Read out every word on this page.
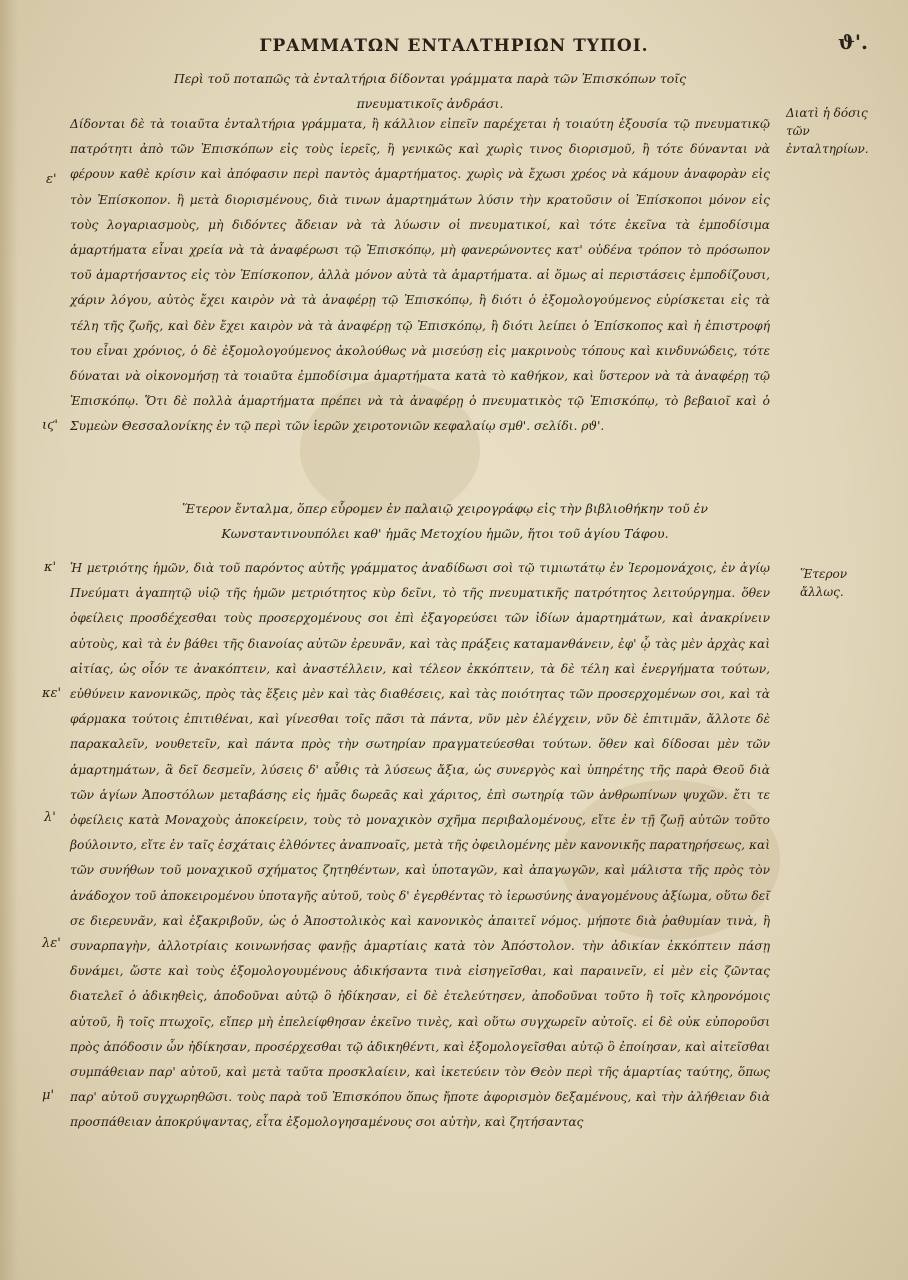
ϑ'.
ΓΡΑΜΜΑΤΩΝ ΕΝΤΑΛΤΗΡΙΩΝ ΤΥΠΟΙ.
Περὶ τοῦ ποταπῶς τὰ ἐνταλτήρια δίδονται γράμματα παρὰ τῶν Ἐπισκόπων τοῖς πνευματικοῖς ἀνδράσι.
Διατὶ ἡ δόσις τῶν ἐνταλτηρίων.
Δίδονται δὲ τὰ τοιαῦτα ἐνταλτήρια γράμματα, ἢ κάλλιον εἰπεῖν παρέχεται ἡ τοιαύτη ἐξουσία τῷ πνευματικῷ πατρότητι ἀπὸ τῶν Ἐπισκόπων εἰς τοὺς ἱερεῖς, ἢ γενικῶς καὶ χωρὶς τινος διορισμοῦ, ἢ τότε δύνανται νὰ φέρουν καθὲ κρίσιν καὶ ἀπόφασιν περὶ παντὸς ἁμαρτήματος. χωρὶς νὰ ἔχωσι χρέος νὰ κάμουν ἀναφορὰν εἰς τὸν Ἐπίσκοπον. ἢ μετὰ διορισμένους, διὰ τινων ἁμαρτημάτων λύσιν τὴν κρατοῦσιν οἱ Ἐπίσκοποι μόνον εἰς τοὺς λογαριασμοὺς, μὴ διδόντες ἄδειαν νὰ τὰ λύωσιν οἱ πνευματικοί, καὶ τότε ἐκεῖνα τὰ ἐμποδίσιμα ἁμαρτήματα εἶναι χρεία νὰ τὰ ἀναφέρωσι τῷ Ἐπισκόπῳ, μὴ φανερώνοντες κατ' οὐδένα τρόπον τὸ πρόσωπον τοῦ ἁμαρτήσαντος εἰς τὸν Ἐπίσκοπον, ἀλλὰ μόνον αὐτὰ τὰ ἁμαρτήματα. αἱ ὅμως αἱ περιστάσεις ἐμποδίζουσι, χάριν λόγου, αὐτὸς ἔχει καιρὸν νὰ τὰ ἀναφέρῃ τῷ Ἐπισκόπῳ, ἢ διότι ὁ ἐξομολογούμενος εὑρίσκεται εἰς τὰ τέλη τῆς ζωῆς, καὶ δὲν ἔχει καιρὸν νὰ τὰ ἀναφέρῃ τῷ Ἐπισκόπῳ, ἢ διότι λείπει ὁ Ἐπίσκοπος καὶ ἡ ἐπιστροφή του εἶναι χρόνιος, ὁ δὲ ἐξομολογούμενος ἀκολούθως νὰ μισεύσῃ εἰς μακρινοὺς τόπους καὶ κινδυνώδεις, τότε δύναται νὰ οἰκονομήσῃ τὰ τοιαῦτα ἐμποδίσιμα ἁμαρτήματα κατὰ τὸ καθήκον, καὶ ὕστερον νὰ τὰ ἀναφέρῃ τῷ Ἐπισκόπῳ. Ὅτι δὲ πολλὰ ἁμαρτήματα πρέπει νὰ τὰ ἀναφέρῃ ὁ πνευματικὸς τῷ Ἐπισκόπῳ, τὸ βεβαιοῖ καὶ ὁ Συμεὼν Θεσσαλονίκης ἐν τῷ περὶ τῶν ἱερῶν χειροτονιῶν κεφαλαίῳ σμθ'. σελίδι. ρϑ'.
Ἕτερον ἔνταλμα, ὅπερ εὗρομεν ἐν παλαιῷ χειρογράφῳ εἰς τὴν βιβλιοθήκην τοῦ ἐν Κωνσταντινουπόλει καθ' ἡμᾶς Μετοχίου ἡμῶν, ἤτοι τοῦ ἁγίου Τάφου.
Ἕτερον ἄλλως.
Ἡ μετριότης ἡμῶν, διὰ τοῦ παρόντος αὐτῆς γράμματος ἀναδίδωσι σοὶ τῷ τιμιωτάτῳ ἐν Ἱερομονάχοις, ἐν ἁγίῳ Πνεύματι ἀγαπητῷ υἱῷ τῆς ἡμῶν μετριότητος κὺρ δεῖνι, τὸ τῆς πνευματικῆς πατρότητος λειτούργημα. ὅθεν ὀφείλεις προσδέχεσθαι τοὺς προσερχομένους σοι ἐπὶ ἐξαγορεύσει τῶν ἰδίων ἁμαρτημάτων, καὶ ἀνακρίνειν αὐτοὺς, καὶ τὰ ἐν βάθει τῆς διανοίας αὐτῶν ἐρευνᾶν, καὶ τὰς πράξεις καταμανθάνειν, ἐφ' ᾧ τὰς μὲν ἀρχὰς καὶ αἰτίας, ὡς οἷόν τε ἀνακόπτειν, καὶ ἀναστέλλειν, καὶ τέλεον ἐκκόπτειν, τὰ δὲ τέλη καὶ ἐνεργήματα τούτων, εὐθύνειν κανονικῶς, πρὸς τὰς ἕξεις μὲν καὶ τὰς διαθέσεις, καὶ τὰς ποιότητας τῶν προσερχομένων σοι, καὶ τὰ φάρμακα τούτοις ἐπιτιθέναι, καὶ γίνεσθαι τοῖς πᾶσι τὰ πάντα, νῦν μὲν ἐλέγχειν, νῦν δὲ ἐπιτιμᾶν, ἄλλοτε δὲ παρακαλεῖν, νουθετεῖν, καὶ πάντα πρὸς τὴν σωτηρίαν πραγματεύεσθαι τούτων. ὅθεν καὶ δίδοσαι μὲν τῶν ἁμαρτημάτων, ἃ δεῖ δεσμεῖν, λύσεις δ' αὖθις τὰ λύσεως ἄξια, ὡς συνεργὸς καὶ ὑπηρέτης τῆς παρὰ Θεοῦ διὰ τῶν ἁγίων Ἀποστόλων μεταβάσης εἰς ἡμᾶς δωρεᾶς καὶ χάριτος, ἐπὶ σωτηρίᾳ τῶν ἀνθρωπίνων ψυχῶν. ἔτι τε ὀφείλεις κατὰ Μοναχοὺς ἀποκείρειν, τοὺς τὸ μοναχικὸν σχῆμα περιβαλομένους, εἴτε ἐν τῇ ζωῇ αὐτῶν τοῦτο βούλοιντο, εἴτε ἐν ταῖς ἐσχάταις ἐλθόντες ἀναπνοαῖς, μετὰ τῆς ὀφειλομένης μὲν κανονικῆς παρατηρήσεως, καὶ τῶν συνήθων τοῦ μοναχικοῦ σχήματος ζητηθέντων, καὶ ὑποταγῶν, καὶ ἀπαγωγῶν, καὶ μάλιστα τῆς πρὸς τὸν ἀνάδοχον τοῦ ἀποκειρομένου ὑποταγῆς αὐτοῦ, τοὺς δ' ἐγερθέντας τὸ ἱερωσύνης ἀναγομένους ἀξίωμα, οὕτω δεῖ σε διερευνᾶν, καὶ ἐξακριβοῦν, ὡς ὁ Ἀποστολικὸς καὶ κανονικὸς ἀπαιτεῖ νόμος. μήποτε διὰ ῥαθυμίαν τινὰ, ἢ συναρπαγὴν, ἀλλοτρίαις κοινωνήσας φανῇς ἁμαρτίαις κατὰ τὸν Ἀπόστολον. τὴν ἀδικίαν ἐκκόπτειν πάσῃ δυνάμει, ὥστε καὶ τοὺς ἐξομολογουμένους ἀδικήσαντα τινὰ εἰσηγεῖσθαι, καὶ παραινεῖν, εἰ μὲν εἰς ζῶντας διατελεῖ ὁ ἀδικηθεὶς, ἀποδοῦναι αὐτῷ ὃ ἠδίκησαν, εἰ δὲ ἐτελεύτησεν, ἀποδοῦναι τοῦτο ἢ τοῖς κληρονόμοις αὐτοῦ, ἢ τοῖς πτωχοῖς, εἴπερ μὴ ἐπελείφθησαν ἐκεῖνο τινὲς, καὶ οὕτω συγχωρεῖν αὐτοῖς. εἰ δὲ οὐκ εὐποροῦσι πρὸς ἀπόδοσιν ὧν ἠδίκησαν, προσέρχεσθαι τῷ ἀδικηθέντι, καὶ ἐξομολογεῖσθαι αὐτῷ ὃ ἐποίησαν, καὶ αἰτεῖσθαι συμπάθειαν παρ' αὐτοῦ, καὶ μετὰ ταῦτα προσκλαίειν, καὶ ἱκετεύειν τὸν Θεὸν περὶ τῆς ἁμαρτίας ταύτης, ὅπως παρ' αὐτοῦ συγχωρηθῶσι. τοὺς παρὰ τοῦ Ἐπισκόπου ὅπως ἤποτε ἀφορισμὸν δεξαμένους, καὶ τὴν ἀλήθειαν διὰ προσπάθειαν ἀποκρύψαντας, εἶτα ἐξομολογησαμένους σοι αὐτὴν, καὶ ζητήσαντας
ε'
ιϛ'
κ'
κε'
λ'
λε'
μ'
